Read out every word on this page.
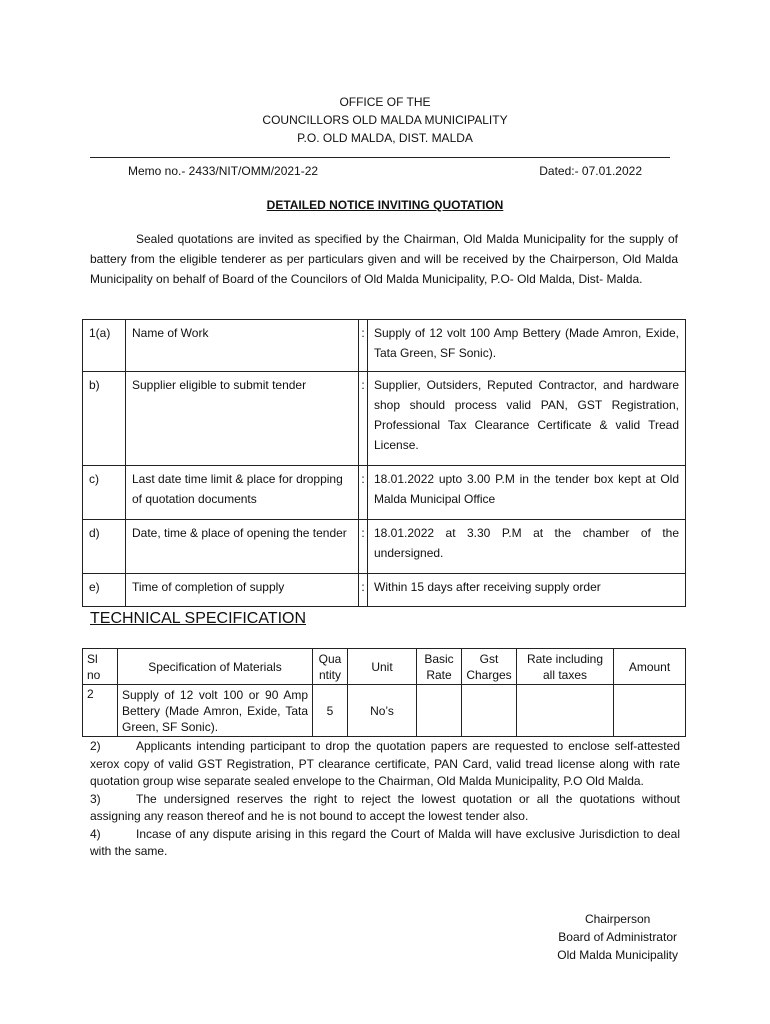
OFFICE OF THE
COUNCILLORS OLD MALDA MUNICIPALITY
P.O. OLD MALDA, DIST. MALDA
Memo no.- 2433/NIT/OMM/2021-22	Dated:- 07.01.2022
DETAILED NOTICE INVITING QUOTATION
Sealed quotations are invited as specified by the Chairman, Old Malda Municipality for the supply of battery from the eligible tenderer as per particulars given and will be received by the Chairperson, Old Malda Municipality on behalf of Board of the Councilors of Old Malda Municipality, P.O- Old Malda, Dist- Malda.
1(a)	Name of Work	:	Supply of 12 volt 100 Amp Bettery (Made Amron, Exide, Tata Green, SF Sonic).
b)	Supplier eligible to submit tender	:	Supplier, Outsiders, Reputed Contractor, and hardware shop should process valid PAN, GST Registration, Professional Tax Clearance Certificate & valid Tread License.
c)	Last date time limit & place for dropping of quotation documents	:	18.01.2022 upto 3.00 P.M in the tender box kept at Old Malda Municipal Office
d)	Date, time & place of opening the tender	:	18.01.2022 at 3.30 P.M at the chamber of the undersigned.
e)	Time of completion of supply	:	Within 15 days after receiving supply order
TECHNICAL SPECIFICATION
Sl no	Specification of Materials	Qua ntity	Unit	Basic Rate	Gst Charges	Rate including all taxes	Amount
2	Supply of 12 volt 100 or 90 Amp Bettery (Made Amron, Exide, Tata Green, SF Sonic).	5	No’s				

2)	Applicants intending participant to drop the quotation papers are requested to enclose self-attested xerox copy of valid GST Registration, PT clearance certificate, PAN Card, valid tread license along with rate quotation group wise separate sealed envelope to the Chairman, Old Malda Municipality, P.O Old Malda.

3)	The undersigned reserves the right to reject the lowest quotation or all the quotations without assigning any reason thereof and he is not bound to accept the lowest tender also.

4)	Incase of any dispute arising in this regard the Court of Malda will have exclusive Jurisdiction to deal with the same.

Chairperson
Board of Administrator
Old Malda Municipality
